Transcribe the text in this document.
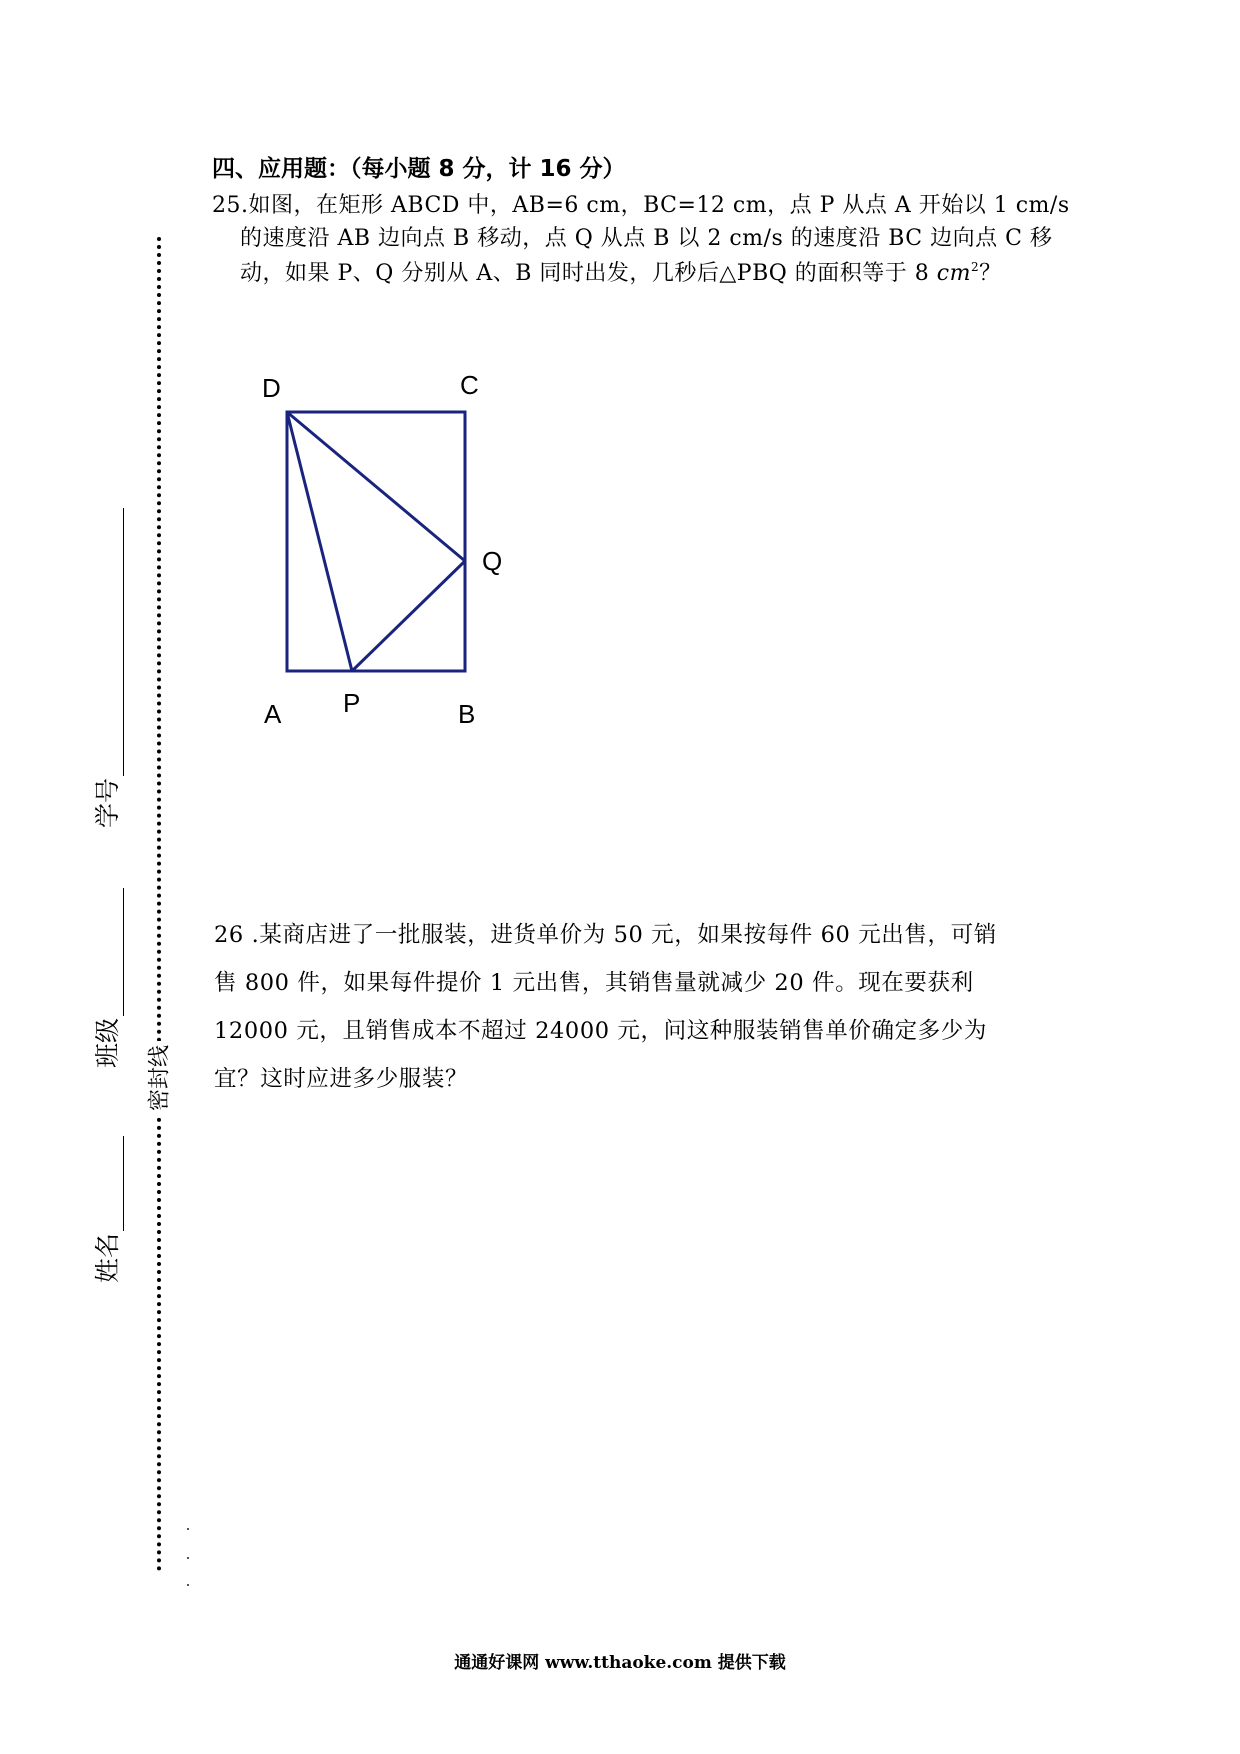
密封线
姓名
班级
学号
四、应用题：（每小题 8 分，计 16 分）
25.如图，在矩形 ABCD 中，AB=6 cm，BC=12 cm，点 P 从点 A 开始以 1 cm/s
的速度沿 AB 边向点 B 移动，点 Q 从点 B 以 2 cm/s 的速度沿 BC 边向点 C 移
动，如果 P、Q 分别从 A、B 同时出发，几秒后△PBQ 的面积等于 8 $cm^2$？
D	C
Q
A P	B
26 .某商店进了一批服装，进货单价为 50 元，如果按每件 60 元出售，可销
售 800 件，如果每件提价 1 元出售，其销售量就减少 20 件。现在要获利
12000 元，且销售成本不超过 24000 元，问这种服装销售单价确定多少为
宜？这时应进多少服装？
通通好课网 www.tthaoke.com 提供下载
